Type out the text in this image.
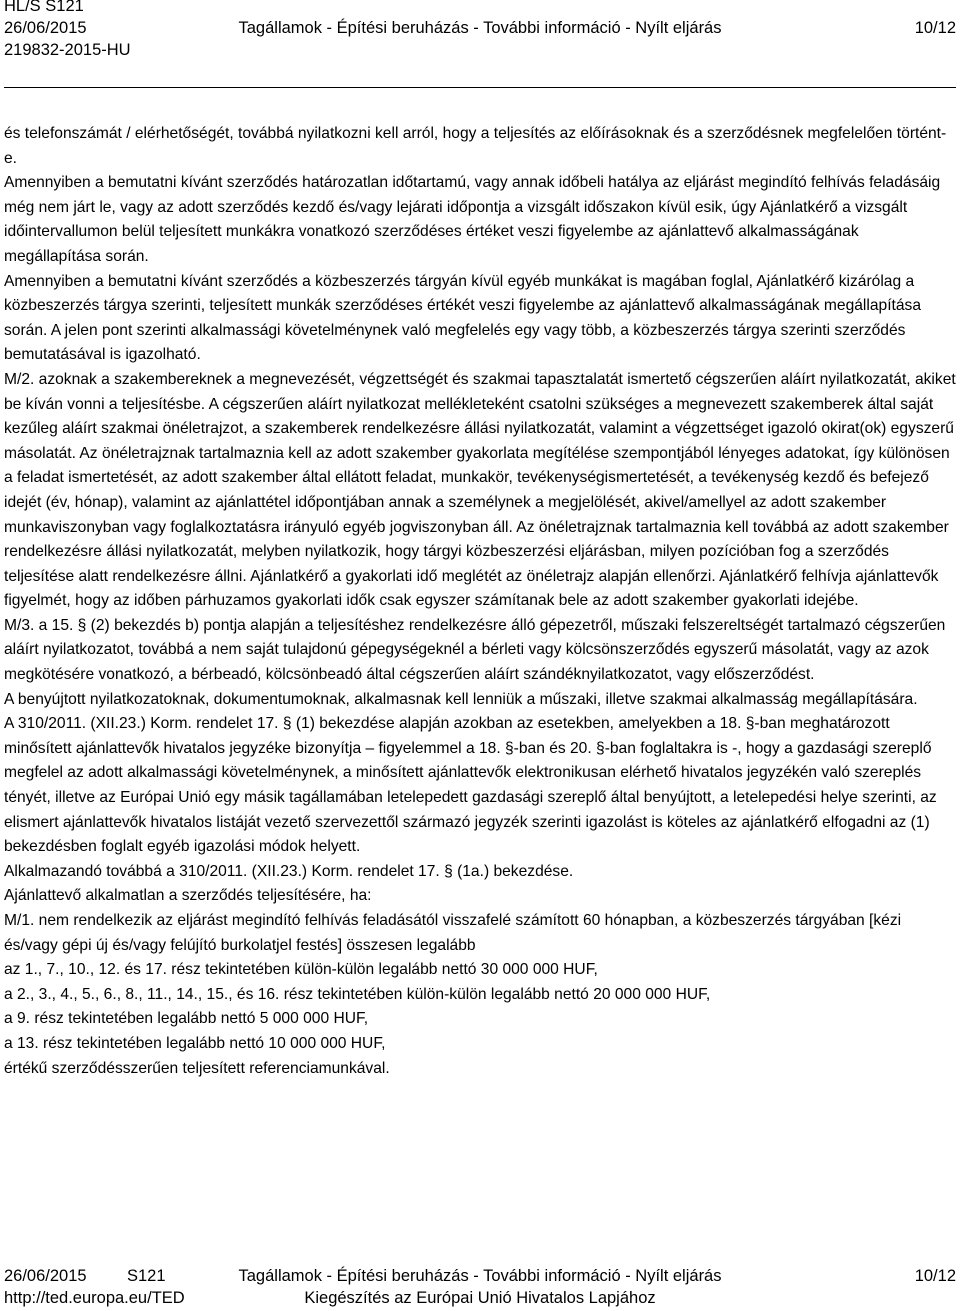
HL/S S121
26/06/2015	Tagállamok - Építési beruházás - További információ - Nyílt eljárás	10/12
219832-2015-HU

és telefonszámát / elérhetőségét, továbbá nyilatkozni kell arról, hogy a teljesítés az előírásoknak és a szerződésnek megfelelően történt-e.

Amennyiben a bemutatni kívánt szerződés határozatlan időtartamú, vagy annak időbeli hatálya az eljárást megindító felhívás feladásáig még nem járt le, vagy az adott szerződés kezdő és/vagy lejárati időpontja a vizsgált időszakon kívül esik, úgy Ajánlatkérő a vizsgált időintervallumon belül teljesített munkákra vonatkozó szerződéses értéket veszi figyelembe az ajánlattevő alkalmasságának megállapítása során.

Amennyiben a bemutatni kívánt szerződés a közbeszerzés tárgyán kívül egyéb munkákat is magában foglal, Ajánlatkérő kizárólag a közbeszerzés tárgya szerinti, teljesített munkák szerződéses értékét veszi figyelembe az ajánlattevő alkalmasságának megállapítása során. A jelen pont szerinti alkalmassági követelménynek való megfelelés egy vagy több, a közbeszerzés tárgya szerinti szerződés bemutatásával is igazolható.

M/2. azoknak a szakembereknek a megnevezését, végzettségét és szakmai tapasztalatát ismertető cégszerűen aláírt nyilatkozatát, akiket be kíván vonni a teljesítésbe. A cégszerűen aláírt nyilatkozat mellékleteként csatolni szükséges a megnevezett szakemberek által saját kezűleg aláírt szakmai önéletrajzot, a szakemberek rendelkezésre állási nyilatkozatát, valamint a végzettséget igazoló okirat(ok) egyszerű másolatát. Az önéletrajznak tartalmaznia kell az adott szakember gyakorlata megítélése szempontjából lényeges adatokat, így különösen a feladat ismertetését, az adott szakember által ellátott feladat, munkakör, tevékenységismertetését, a tevékenység kezdő és befejező idejét (év, hónap), valamint az ajánlattétel időpontjában annak a személynek a megjelölését, akivel/amellyel az adott szakember munkaviszonyban vagy foglalkoztatásra irányuló egyéb jogviszonyban áll. Az önéletrajznak tartalmaznia kell továbbá az adott szakember rendelkezésre állási nyilatkozatát, melyben nyilatkozik, hogy tárgyi közbeszerzési eljárásban, milyen pozícióban fog a szerződés teljesítése alatt rendelkezésre állni. Ajánlatkérő a gyakorlati idő meglétét az önéletrajz alapján ellenőrzi. Ajánlatkérő felhívja ajánlattevők figyelmét, hogy az időben párhuzamos gyakorlati idők csak egyszer számítanak bele az adott szakember gyakorlati idejébe.

M/3. a 15. § (2) bekezdés b) pontja alapján a teljesítéshez rendelkezésre álló gépezetről, műszaki felszereltségét tartalmazó cégszerűen aláírt nyilatkozatot, továbbá a nem saját tulajdonú gépegységeknél a bérleti vagy kölcsönszerződés egyszerű másolatát, vagy az azok megkötésére vonatkozó, a bérbeadó, kölcsönbeadó által cégszerűen aláírt szándéknyilatkozatot, vagy előszerződést.

A benyújtott nyilatkozatoknak, dokumentumoknak, alkalmasnak kell lenniük a műszaki, illetve szakmai alkalmasság megállapítására.

A 310/2011. (XII.23.) Korm. rendelet 17. § (1) bekezdése alapján azokban az esetekben, amelyekben a 18. §-ban meghatározott minősített ajánlattevők hivatalos jegyzéke bizonyítja – figyelemmel a 18. §-ban és 20. §-ban foglaltakra is -, hogy a gazdasági szereplő megfelel az adott alkalmassági követelménynek, a minősített ajánlattevők elektronikusan elérhető hivatalos jegyzékén való szereplés tényét, illetve az Európai Unió egy másik tagállamában letelepedett gazdasági szereplő által benyújtott, a letelepedési helye szerinti, az elismert ajánlattevők hivatalos listáját vezető szervezettől származó jegyzék szerinti igazolást is köteles az ajánlatkérő elfogadni az (1) bekezdésben foglalt egyéb igazolási módok helyett.

Alkalmazandó továbbá a 310/2011. (XII.23.) Korm. rendelet 17. § (1a.) bekezdése.

Ajánlattevő alkalmatlan a szerződés teljesítésére, ha:

M/1. nem rendelkezik az eljárást megindító felhívás feladásától visszafelé számított 60 hónapban, a közbeszerzés tárgyában [kézi és/vagy gépi új és/vagy felújító burkolatjel festés] összesen legalább

az 1., 7., 10., 12. és 17. rész tekintetében külön-külön legalább nettó 30 000 000 HUF,

a 2., 3., 4., 5., 6., 8., 11., 14., 15., és 16. rész tekintetében külön-külön legalább nettó 20 000 000 HUF,

a 9. rész tekintetében legalább nettó 5 000 000 HUF,

a 13. rész tekintetében legalább nettó 10 000 000 HUF,

értékű szerződésszerűen teljesített referenciamunkával.

26/06/2015 S121	Tagállamok - Építési beruházás - További információ - Nyílt eljárás	10/12
http://ted.europa.eu/TED	Kiegészítés az Európai Unió Hivatalos Lapjához
